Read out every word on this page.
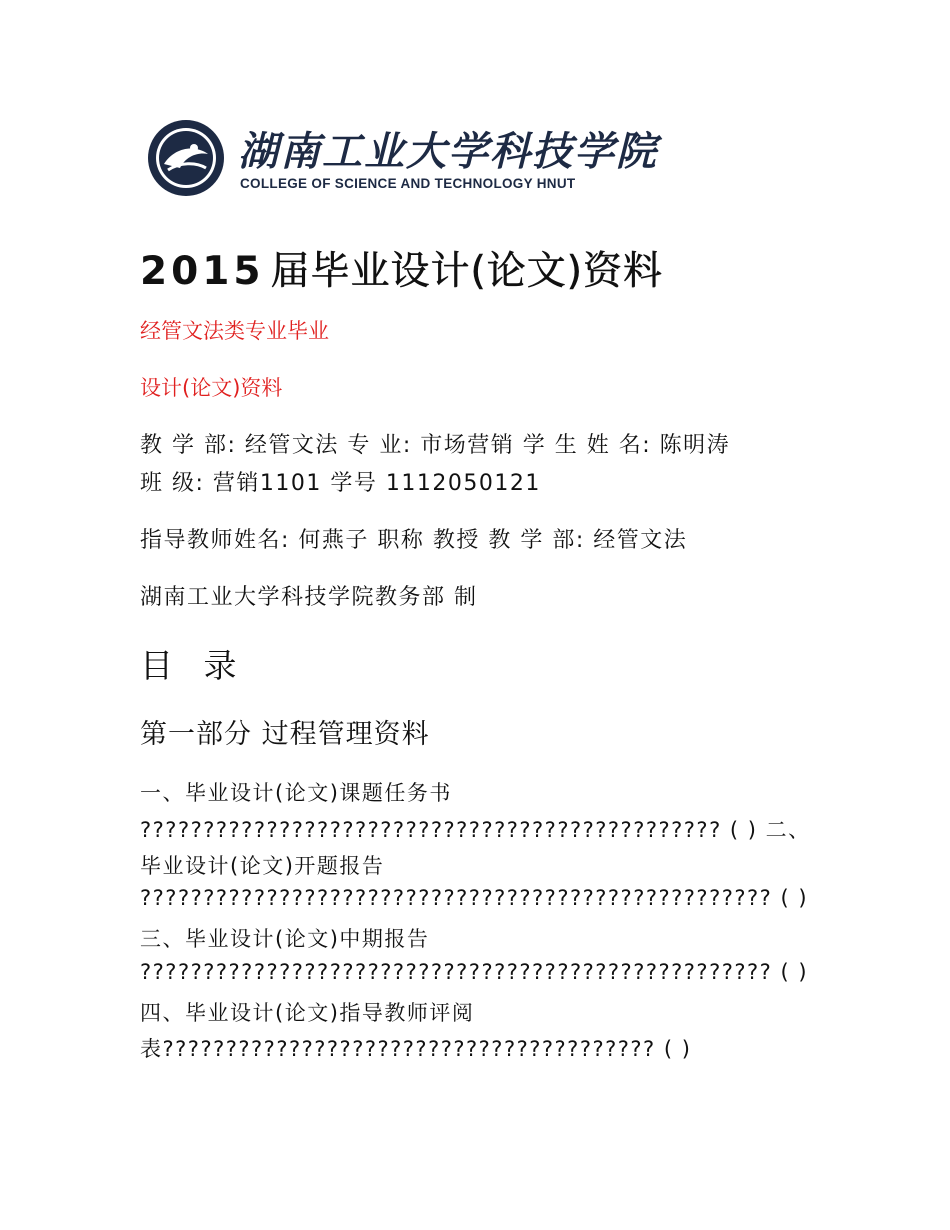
湖南工业大学科技学院
COLLEGE OF SCIENCE AND TECHNOLOGY HNUT
2015 届毕业设计(论文)资料
经管文法类专业毕业
设计(论文)资料
教 学 部: 经管文法 专 业: 市场营销 学 生 姓 名: 陈明涛
班 级: 营销1101 学号 1112050121
指导教师姓名: 何燕子 职称 教授 教 学 部: 经管文法
湖南工业大学科技学院教务部 制
目 录
第一部分 过程管理资料
一、毕业设计(论文)课题任务书
?????????????????????????????????????????????? ( ) 二、
毕业设计(论文)开题报告
?????????????????????????????????????????????????? ( )
三、毕业设计(论文)中期报告
?????????????????????????????????????????????????? ( )
四、毕业设计(论文)指导教师评阅
表??????????????????????????????????????? ( )
